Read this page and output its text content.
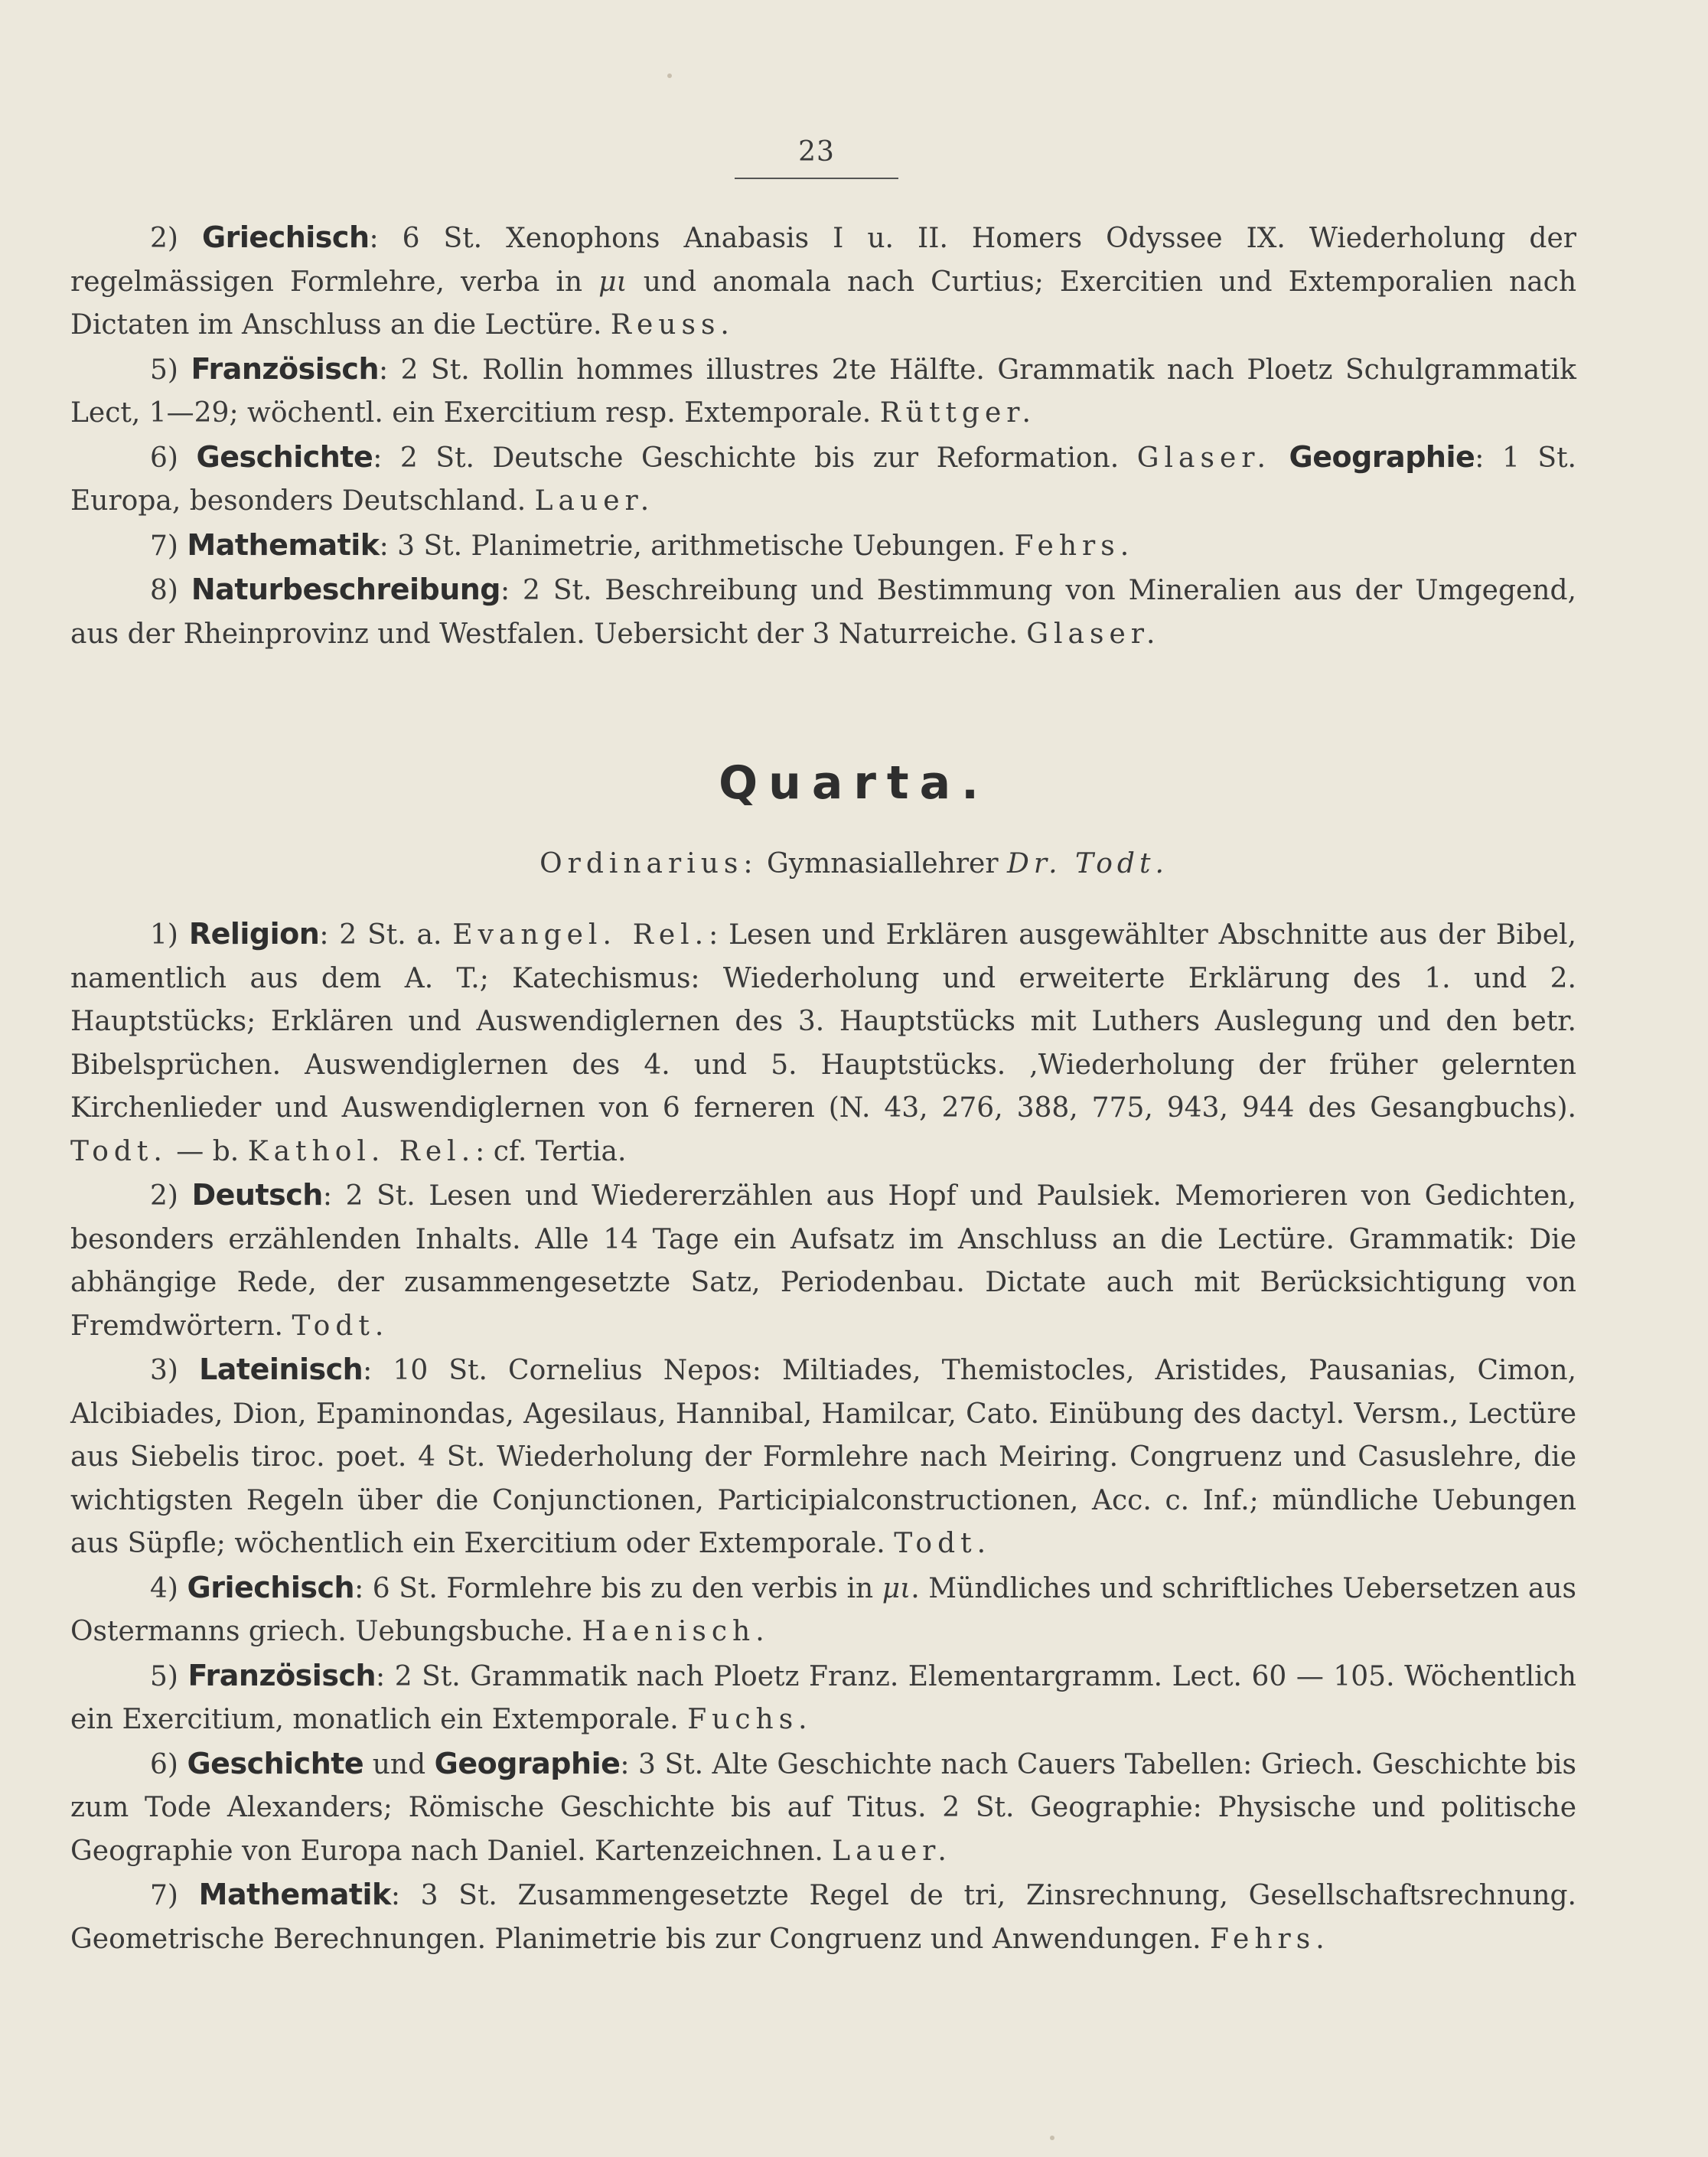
23

2) Griechisch: 6 St. Xenophons Anabasis I u. II. Homers Odyssee IX. Wiederholung der regelmässigen Formlehre, verba in μι und anomala nach Curtius; Exercitien und Extemporalien nach Dictaten im Anschluss an die Lectüre. Reuss.

5) Französisch: 2 St. Rollin hommes illustres 2te Hälfte. Grammatik nach Ploetz Schulgrammatik Lect, 1—29; wöchentl. ein Exercitium resp. Extemporale. Rüttger.

6) Geschichte: 2 St. Deutsche Geschichte bis zur Reformation. Glaser. Geographie: 1 St. Europa, besonders Deutschland. Lauer.

7) Mathematik: 3 St. Planimetrie, arithmetische Uebungen. Fehrs.

8) Naturbeschreibung: 2 St. Beschreibung und Bestimmung von Mineralien aus der Umgegend, aus der Rheinprovinz und Westfalen. Uebersicht der 3 Naturreiche. Glaser.

Quarta.
Ordinarius: Gymnasiallehrer Dr. Todt.

1) Religion: 2 St. a. Evangel. Rel.: Lesen und Erklären ausgewählter Abschnitte aus der Bibel, namentlich aus dem A. T.; Katechismus: Wiederholung und erweiterte Erklärung des 1. und 2. Hauptstücks; Erklären und Auswendiglernen des 3. Hauptstücks mit Luthers Auslegung und den betr. Bibelsprüchen. Auswendiglernen des 4. und 5. Hauptstücks. ,Wiederholung der früher gelernten Kirchenlieder und Auswendiglernen von 6 ferneren (N. 43, 276, 388, 775, 943, 944 des Gesangbuchs). Todt. — b. Kathol. Rel.: cf. Tertia.

2) Deutsch: 2 St. Lesen und Wiedererzählen aus Hopf und Paulsiek. Memorieren von Gedichten, besonders erzählenden Inhalts. Alle 14 Tage ein Aufsatz im Anschluss an die Lectüre. Grammatik: Die abhängige Rede, der zusammengesetzte Satz, Periodenbau. Dictate auch mit Berücksichtigung von Fremdwörtern. Todt.

3) Lateinisch: 10 St. Cornelius Nepos: Miltiades, Themistocles, Aristides, Pausanias, Cimon, Alcibiades, Dion, Epaminondas, Agesilaus, Hannibal, Hamilcar, Cato. Einübung des dactyl. Versm., Lectüre aus Siebelis tiroc. poet. 4 St. Wiederholung der Formlehre nach Meiring. Congruenz und Casuslehre, die wichtigsten Regeln über die Conjunctionen, Participialconstructionen, Acc. c. Inf.; mündliche Uebungen aus Süpfle; wöchentlich ein Exercitium oder Extemporale. Todt.

4) Griechisch: 6 St. Formlehre bis zu den verbis in μι. Mündliches und schriftliches Uebersetzen aus Ostermanns griech. Uebungsbuche. Haenisch.

5) Französisch: 2 St. Grammatik nach Ploetz Franz. Elementargramm. Lect. 60 — 105. Wöchentlich ein Exercitium, monatlich ein Extemporale. Fuchs.

6) Geschichte und Geographie: 3 St. Alte Geschichte nach Cauers Tabellen: Griech. Geschichte bis zum Tode Alexanders; Römische Geschichte bis auf Titus. 2 St. Geographie: Physische und politische Geographie von Europa nach Daniel. Kartenzeichnen. Lauer.

7) Mathematik: 3 St. Zusammengesetzte Regel de tri, Zinsrechnung, Gesellschaftsrechnung. Geometrische Berechnungen. Planimetrie bis zur Congruenz und Anwendungen. Fehrs.
